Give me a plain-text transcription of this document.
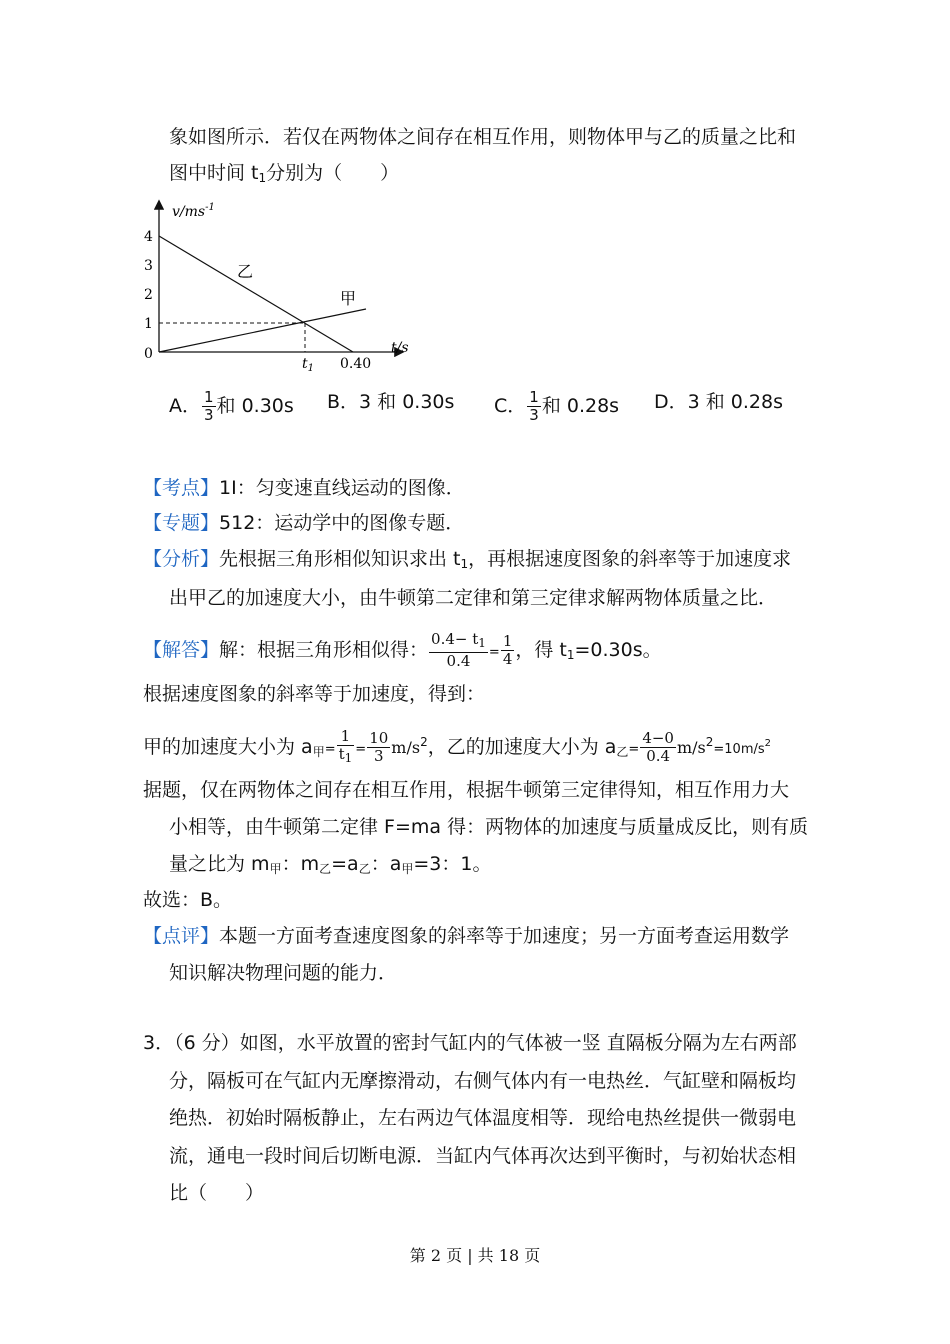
象如图所示．若仅在两物体之间存在相互作用，则物体甲与乙的质量之比和
图中时间 $t_1$分别为（　　）
$v/ms^{-1}$
t/s
4
3
2
1
0
乙
甲
$t_1$ 0.40
A． $\frac{1}{3}$ 和 0.30s B．3 和 0.30s C． $\frac{1}{3}$ 和 0.28s D．3 和 0.28s
【考点】1I：匀变速直线运动的图像．
【专题】512：运动学中的图像专题．
【分析】先根据三角形相似知识求出 $t_1$，再根据速度图象的斜率等于加速度求
出甲乙的加速度大小，由牛顿第二定律和第三定律求解两物体质量之比．
【解答】解：根据三角形相似得： $\frac{0.4- t_1}{0.4} = \frac{1}{4}$ ，得 $t_1=0.30s$。
根据速度图象的斜率等于加速度，得到：
甲的加速度大小为 $a_甲= \frac{1}{t_1} = \frac{10}{3} m/s^2$，乙的加速度大小为 $a_乙= \frac{4-0}{0.4} m/s^2=10m/s^2$
据题，仅在两物体之间存在相互作用，根据牛顿第三定律得知，相互作用力大
小相等，由牛顿第二定律 F=ma 得：两物体的加速度与质量成反比，则有质
量之比为 $m_甲$：$m_乙=a_乙$：$a_甲=3$：1。
故选：B。
【点评】本题一方面考查速度图象的斜率等于加速度；另一方面考查运用数学
知识解决物理问题的能力．
3．（6 分）如图，水平放置的密封气缸内的气体被一竖 直隔板分隔为左右两部
分，隔板可在气缸内无摩擦滑动，右侧气体内有一电热丝．气缸壁和隔板均
绝热．初始时隔板静止，左右两边气体温度相等．现给电热丝提供一微弱电
流，通电一段时间后切断电源．当缸内气体再次达到平衡时，与初始状态相
比（　　）
第 2 页 | 共 18 页
